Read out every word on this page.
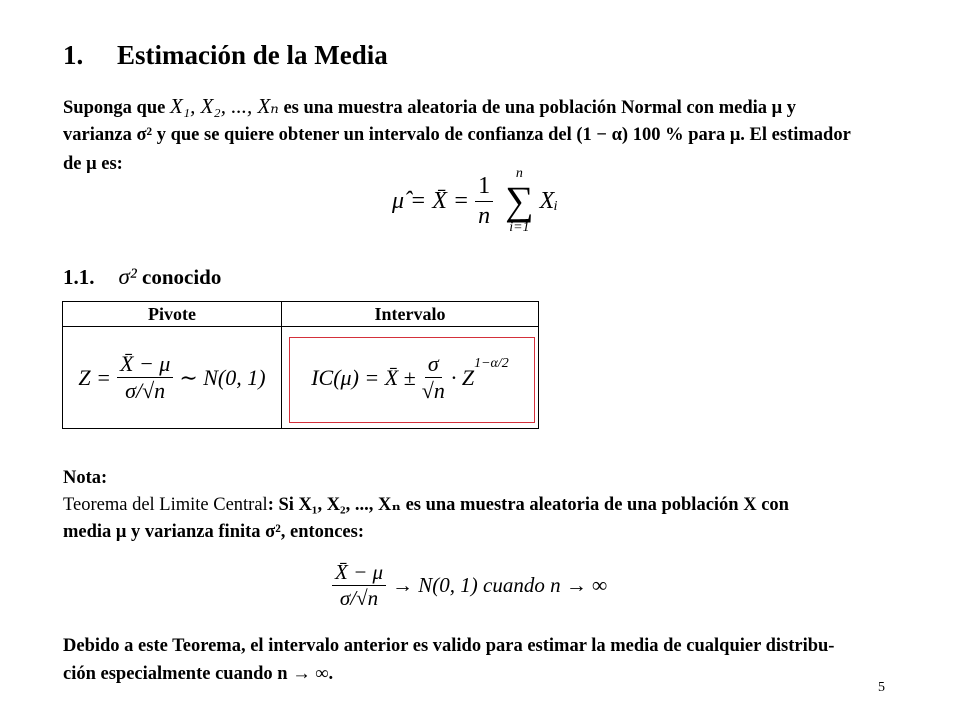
1. Estimación de la Media
Suponga que X₁, X₂, ..., Xₙ es una muestra aleatoria de una población Normal con media μ y
varianza σ² y que se quiere obtener un intervalo de confianza del (1 − α) 100 % para μ. El estimador
de μ es:
μ̂ = X̄ = $\frac{1}{n}$ n
∑
i=1
Xᵢ
1.1. σ² conocido
Pivote	Intervalo

$Z = \frac{X̄ - \mu}{\sigma/√n}$ ∼ N(0, 1)	IC(μ) = X̄ ± $\frac{\sigma}{√n} \cdot Z$
1−α/2
Nota:
Teorema del Limite Central: Si X₁, X₂, ..., Xₙ es una muestra aleatoria de una población X con
media μ y varianza finita σ², entonces:
$\frac{X̄ - \mu}{\sigma/√n} \to N(0$, 1) cuando n → ∞
Debido a este Teorema, el intervalo anterior es valido para estimar la media de cualquier distribu-
ción especialmente cuando n → ∞.
5
